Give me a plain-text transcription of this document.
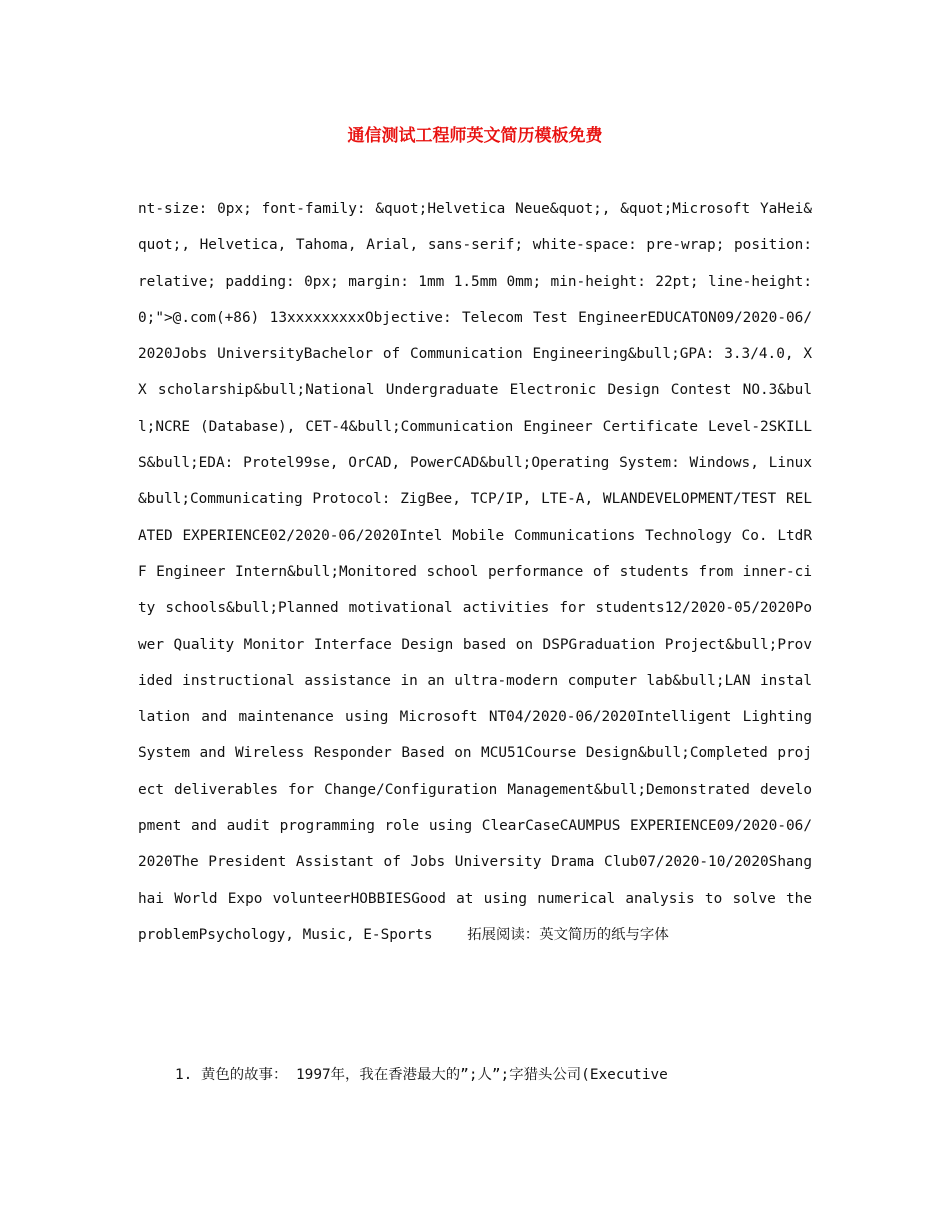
通信测试工程师英文简历模板免费

nt-size: 0px; font-family: &quot;Helvetica Neue&quot;, &quot;Microsoft YaHei&quot;, Helvetica, Tahoma, Arial, sans-serif; white-space: pre-wrap; position: relative; padding: 0px; margin: 1mm 1.5mm 0mm; min-height: 22pt; line-height: 0;">@.com(+86) 13xxxxxxxxxObjective: Telecom Test EngineerEDUCATON09/2020-06/2020Jobs UniversityBachelor of Communication Engineering&bull;GPA: 3.3/4.0, XX scholarship&bull;National Undergraduate Electronic Design Contest NO.3&bull;NCRE (Database), CET-4&bull;Communication Engineer Certificate Level-2SKILLS&bull;EDA: Protel99se, OrCAD, PowerCAD&bull;Operating System: Windows, Linux&bull;Communicating Protocol: ZigBee, TCP/IP, LTE-A, WLANDEVELOPMENT/TEST RELATED EXPERIENCE02/2020-06/2020Intel Mobile Communications Technology Co. LtdRF Engineer Intern&bull;Monitored school performance of students from inner-city schools&bull;Planned motivational activities for students12/2020-05/2020Power Quality Monitor Interface Design based on DSPGraduation Project&bull;Provided instructional assistance in an ultra-modern computer lab&bull;LAN installation and maintenance using Microsoft NT04/2020-06/2020Intelligent Lighting System and Wireless Responder Based on MCU51Course Design&bull;Completed project deliverables for Change/Configuration Management&bull;Demonstrated development and audit programming role using ClearCaseCAUMPUS EXPERIENCE09/2020-06/2020The President Assistant of Jobs University Drama Club07/2020-10/2020Shanghai World Expo volunteerHOBBIESGood at using numerical analysis to solve the problemPsychology, Music, E-Sports 拓展阅读：英文简历的纸与字体

1. 黄色的故事： 1997年，我在香港最大的”;人”;字猎头公司(Executive
